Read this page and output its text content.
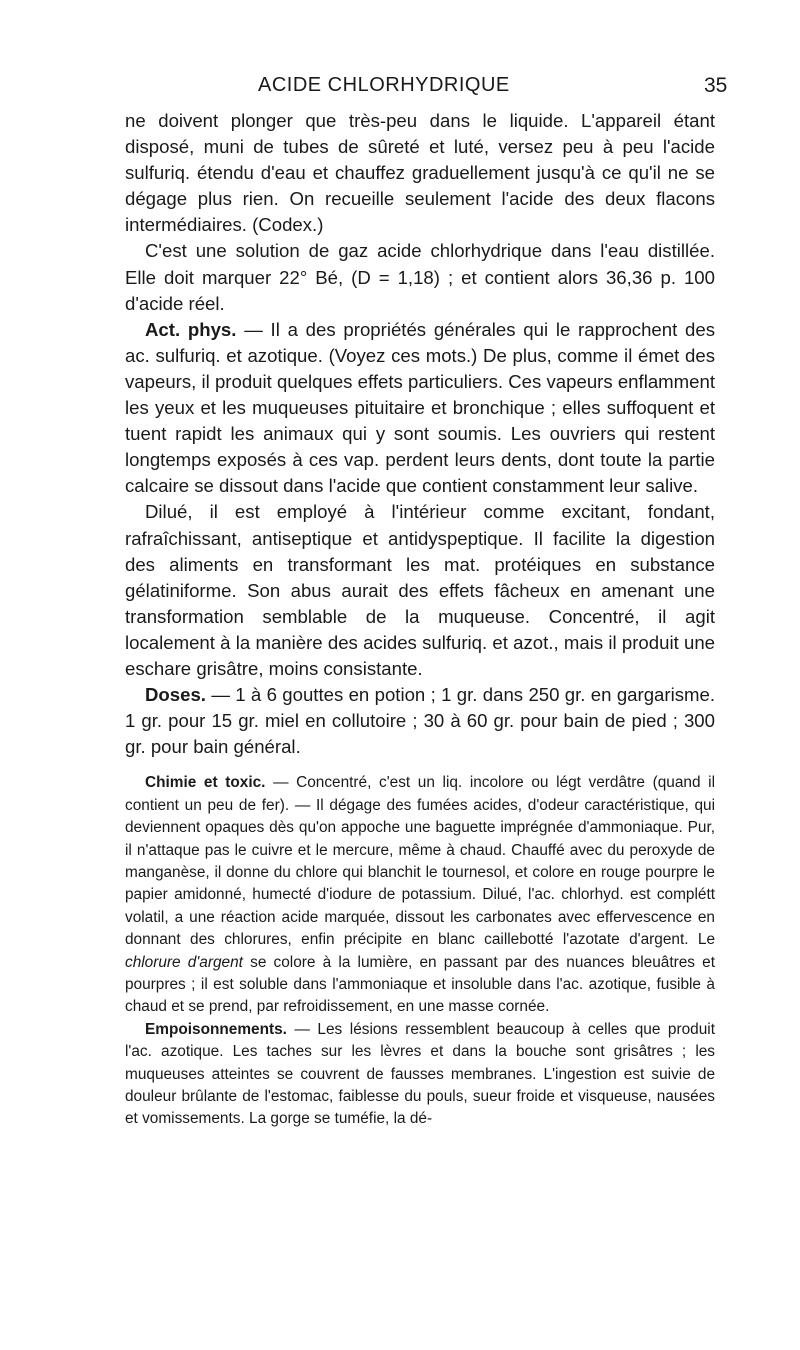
ACIDE CHLORHYDRIQUE	35

ne doivent plonger que très-peu dans le liquide. L'appareil étant disposé, muni de tubes de sûreté et luté, versez peu à peu l'acide sulfuriq. étendu d'eau et chauffez graduellement jusqu'à ce qu'il ne se dégage plus rien. On recueille seulement l'acide des deux flacons intermédiaires. (Codex.)

C'est une solution de gaz acide chlorhydrique dans l'eau distillée. Elle doit marquer 22° Bé, (D = 1,18) ; et contient alors 36,36 p. 100 d'acide réel.

Act. phys. — Il a des propriétés générales qui le rapprochent des ac. sulfuriq. et azotique. (Voyez ces mots.) De plus, comme il émet des vapeurs, il produit quelques effets particuliers. Ces vapeurs enflamment les yeux et les muqueuses pituitaire et bronchique ; elles suffoquent et tuent rapidt les animaux qui y sont soumis. Les ouvriers qui restent longtemps exposés à ces vap. perdent leurs dents, dont toute la partie calcaire se dissout dans l'acide que contient constamment leur salive.

Dilué, il est employé à l'intérieur comme excitant, fondant, rafraîchissant, antiseptique et antidyspeptique. Il facilite la digestion des aliments en transformant les mat. protéiques en substance gélatiniforme. Son abus aurait des effets fâcheux en amenant une transformation semblable de la muqueuse. Concentré, il agit localement à la manière des acides sulfuriq. et azot., mais il produit une eschare grisâtre, moins consistante.

Doses. — 1 à 6 gouttes en potion ; 1 gr. dans 250 gr. en gargarisme. 1 gr. pour 15 gr. miel en collutoire ; 30 à 60 gr. pour bain de pied ; 300 gr. pour bain général.

Chimie et toxic. — Concentré, c'est un liq. incolore ou légt verdâtre (quand il contient un peu de fer). — Il dégage des fumées acides, d'odeur caractéristique, qui deviennent opaques dès qu'on appoche une baguette imprégnée d'ammoniaque. Pur, il n'attaque pas le cuivre et le mercure, même à chaud. Chauffé avec du peroxyde de manganèse, il donne du chlore qui blanchit le tournesol, et colore en rouge pourpre le papier amidonné, humecté d'iodure de potassium. Dilué, l'ac. chlorhyd. est complétt volatil, a une réaction acide marquée, dissout les carbonates avec effervescence en donnant des chlorures, enfin précipite en blanc caillebotté l'azotate d'argent. Le chlorure d'argent se colore à la lumière, en passant par des nuances bleuâtres et pourpres ; il est soluble dans l'ammoniaque et insoluble dans l'ac. azotique, fusible à chaud et se prend, par refroidissement, en une masse cornée.

Empoisonnements. — Les lésions ressemblent beaucoup à celles que produit l'ac. azotique. Les taches sur les lèvres et dans la bouche sont grisâtres ; les muqueuses atteintes se couvrent de fausses membranes. L'ingestion est suivie de douleur brûlante de l'estomac, faiblesse du pouls, sueur froide et visqueuse, nausées et vomissements. La gorge se tuméfie, la dé-
